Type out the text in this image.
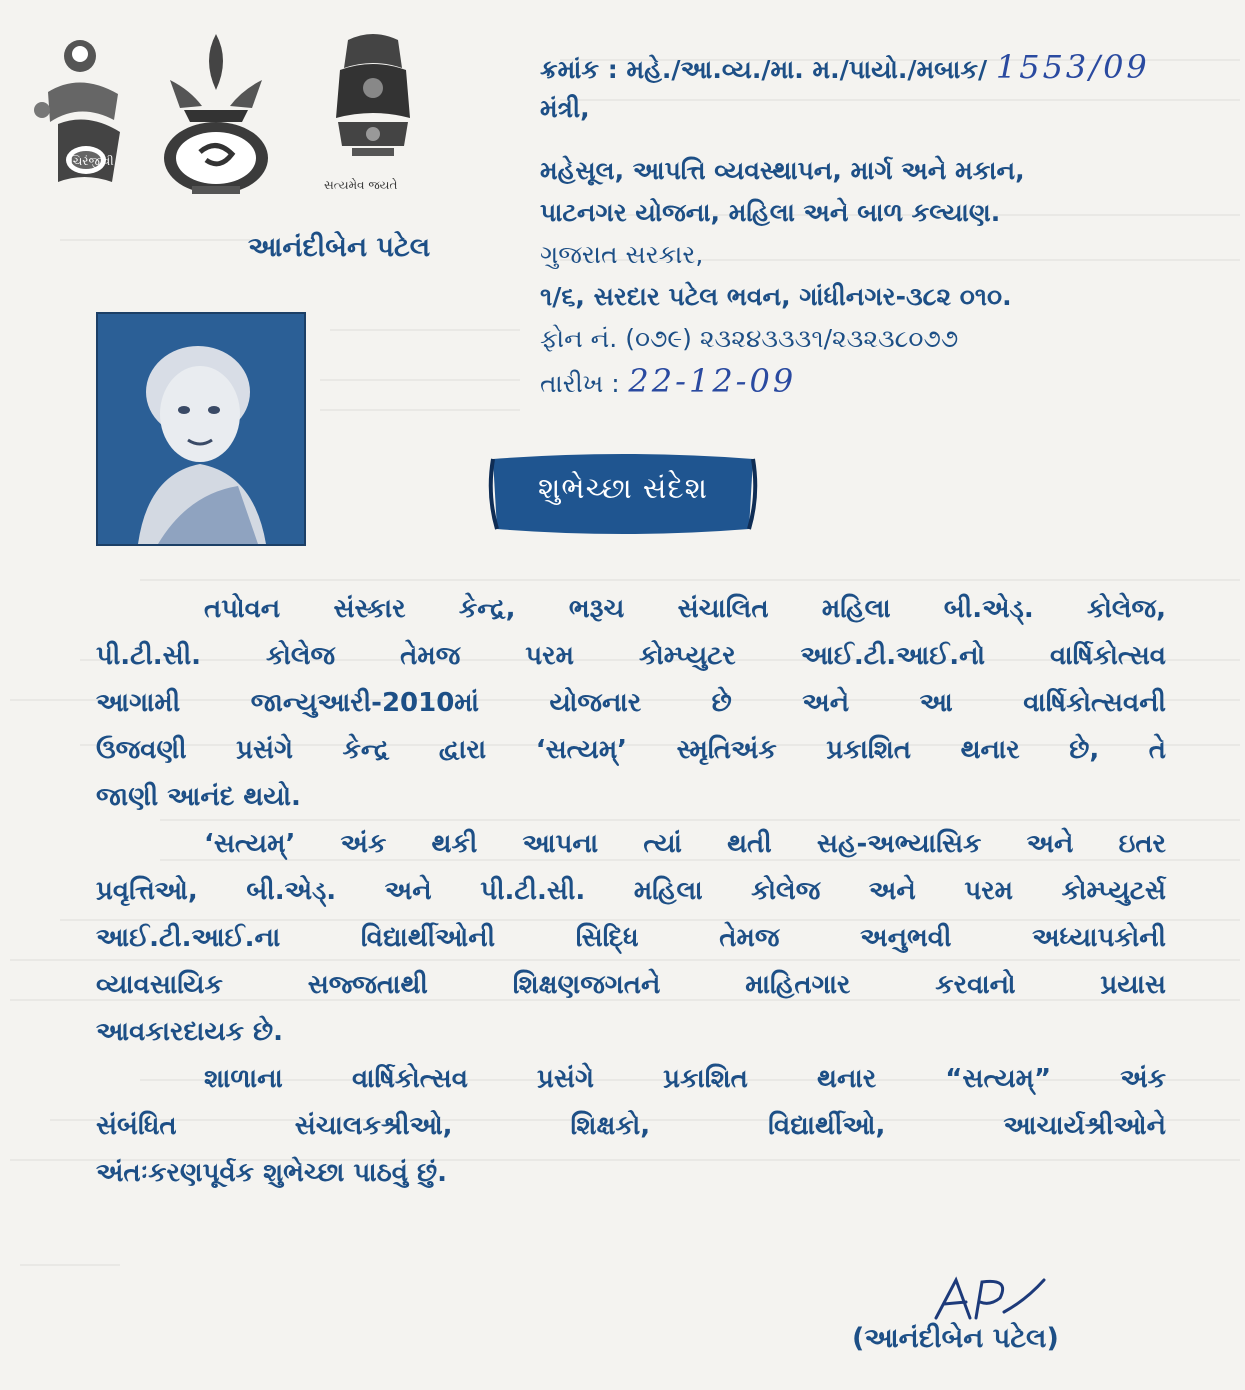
ચિરંજીવી
સત્યમેવ જયતે
આનંદીબેન પટેલ
ક્રમાંક : મહે./આ.વ્ય./મા. મ./પાયો./મબાક/ 1553/09
મંત્રી,
મહેસૂલ, આપત્તિ વ્યવસ્થાપન, માર્ગ અને મકાન,
પાટનગર યોજના, મહિલા અને બાળ કલ્યાણ.
ગુજરાત સરકાર,
૧/૬, સરદાર પટેલ ભવન, ગાંધીનગર-૩૮૨ ૦૧૦.
ફોન નં. (૦૭૯) ૨૩૨૪૩૩૩૧/૨૩૨૩૮૦૭૭
તારીખ : 22-12-09
શુભેચ્છા સંદેશ
તપોવન સંસ્કાર કેન્દ્ર, ભરૂચ સંચાલિત મહિલા બી.એડ્. કોલેજ,
પી.ટી.સી. કોલેજ તેમજ પરમ કોમ્પ્યુટર આઈ.ટી.આઈ.નો વાર્ષિકોત્સવ
આગામી જાન્યુઆરી-2010માં યોજનાર છે અને આ વાર્ષિકોત્સવની
ઉજવણી પ્રસંગે કેન્દ્ર દ્વારા ‘સત્યમ્’ સ્મૃતિઅંક પ્રકાશિત થનાર છે, તે
જાણી આનંદ થયો.
‘સત્યમ્’ અંક થકી આપના ત્યાં થતી સહ-અભ્યાસિક અને ઇતર
પ્રવૃત્તિઓ, બી.એડ્. અને પી.ટી.સી. મહિલા કોલેજ અને પરમ કોમ્પ્યુટર્સ
આઈ.ટી.આઈ.ના વિદ્યાર્થીઓની સિદ્ધિ તેમજ અનુભવી અધ્યાપકોની
વ્યાવસાયિક સજ્જતાથી શિક્ષણજગતને માહિતગાર કરવાનો પ્રયાસ
આવકારદાયક છે.
શાળાના વાર્ષિકોત્સવ પ્રસંગે પ્રકાશિત થનાર “સત્યમ્” અંક
સંબંધિત સંચાલકશ્રીઓ, શિક્ષકો, વિદ્યાર્થીઓ, આચાર્યશ્રીઓને
અંતઃકરણપૂર્વક શુભેચ્છા પાઠવું છું.
(આનંદીબેન પટેલ)
